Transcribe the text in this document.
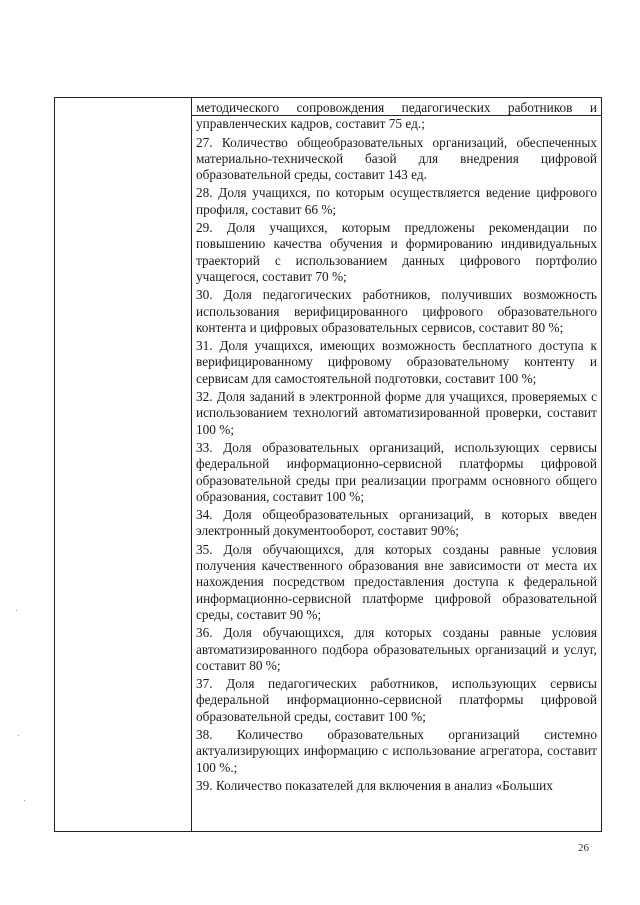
методического сопровождения педагогических работников и управленческих кадров, составит 75 ед.;

27. Количество общеобразовательных организаций, обеспеченных материально-технической базой для внедрения цифровой образовательной среды, составит 143 ед.

28. Доля учащихся, по которым осуществляется ведение цифрового профиля, составит 66 %;

29. Доля учащихся, которым предложены рекомендации по повышению качества обучения и формированию индивидуальных траекторий с использованием данных цифрового портфолио учащегося, составит 70 %;

30. Доля педагогических работников, получивших возможность использования верифицированного цифрового образовательного контента и цифровых образовательных сервисов, составит 80 %;

31. Доля учащихся, имеющих возможность бесплатного доступа к верифицированному цифровому образовательному контенту и сервисам для самостоятельной подготовки, составит 100 %;

32. Доля заданий в электронной форме для учащихся, проверяемых с использованием технологий автоматизированной проверки, составит 100 %;

33. Доля образовательных организаций, использующих сервисы федеральной информационно-сервисной платформы цифровой образовательной среды при реализации программ основного общего образования, составит 100 %;

34. Доля общеобразовательных организаций, в которых введен электронный документооборот, составит 90%;

35. Доля обучающихся, для которых созданы равные условия получения качественного образования вне зависимости от места их нахождения посредством предоставления доступа к федеральной информационно-сервисной платформе цифровой образовательной среды, составит 90 %;

36. Доля обучающихся, для которых созданы равные условия автоматизированного подбора образовательных организаций и услуг, составит 80 %;

37. Доля педагогических работников, использующих сервисы федеральной информационно-сервисной платформы цифровой образовательной среды, составит 100 %;

38. Количество образовательных организаций системно актуализирующих информацию с использование агрегатора, составит 100 %.;

39. Количество показателей для включения в анализ «Больших

26
